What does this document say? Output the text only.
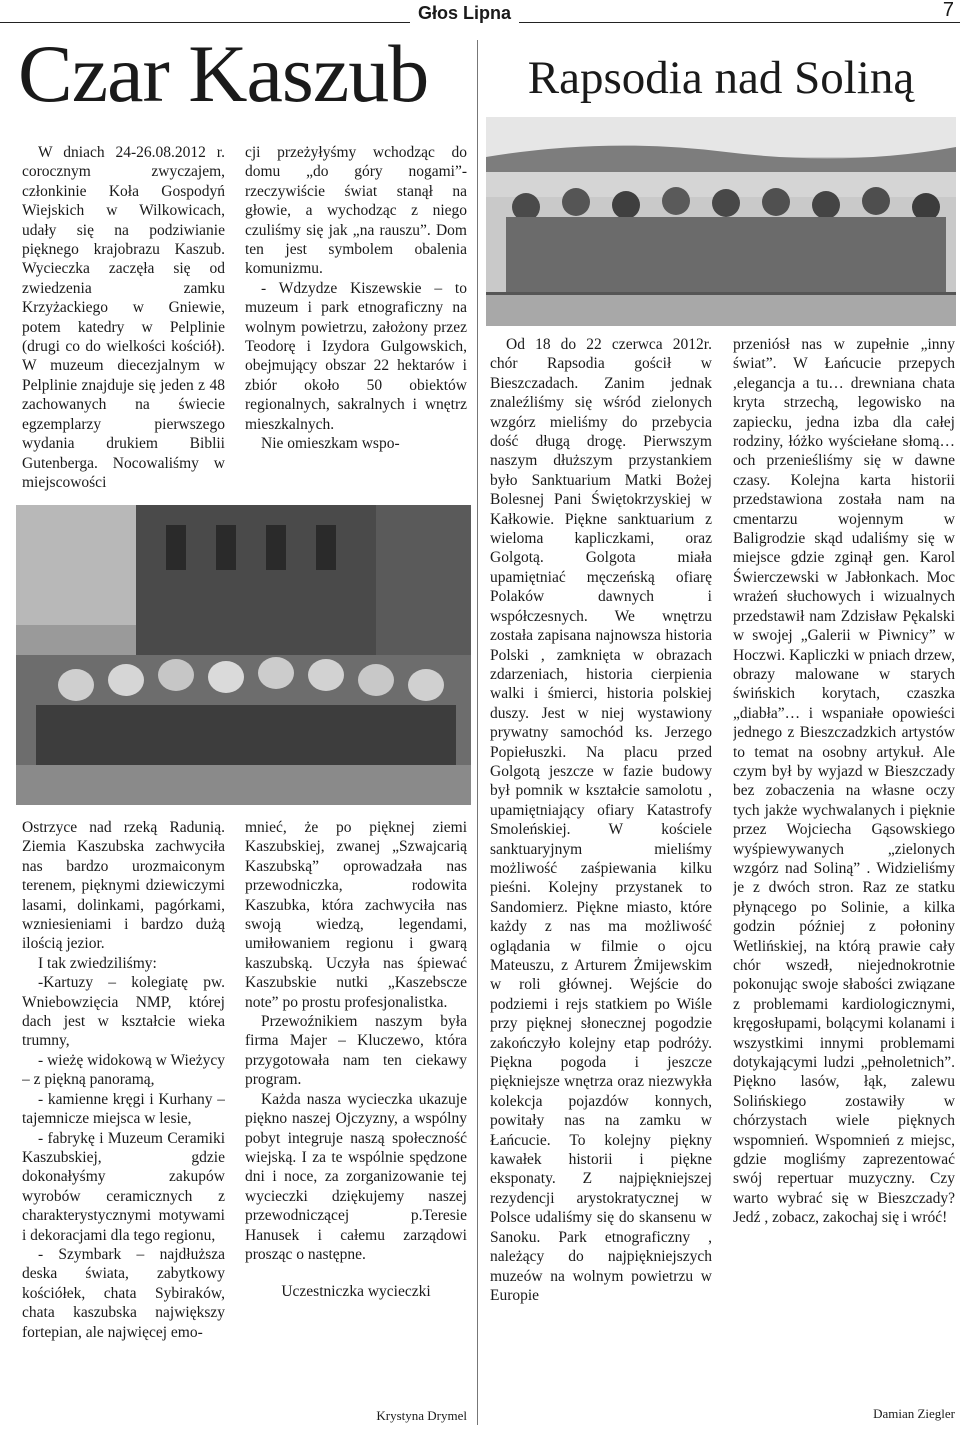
Głos Lipna	7
Czar Kaszub

W dniach 24-26.08.2012 r. corocznym zwyczajem, członkinie Koła Gospodyń Wiejskich w Wilkowicach, udały się na podziwianie pięknego krajobrazu Kaszub. Wycieczka zaczęła się od zwiedzenia zamku Krzyżackiego w Gniewie, potem katedry w Pelplinie (drugi co do wielkości kościół). W muzeum diecezjalnym w Pelplinie znajduje się jeden z 48 zachowanych na świecie egzemplarzy pierwszego wydania drukiem Biblii Gutenberga. Nocowaliśmy w miejscowości

cji przeżyłyśmy wchodząc do domu „do góry nogami”- rzeczywiście świat stanął na głowie, a wychodząc z niego czuliśmy się jak „na rauszu”. Dom ten jest symbolem obalenia komunizmu.

- Wdzydze Kiszewskie – to muzeum i park etnograficzny na wolnym powietrzu, założony przez Teodorę i Izydora Gulgowskich, obejmujący obszar 22 hektarów i zbiór około 50 obiektów regionalnych, sakralnych i wnętrz mieszkalnych.

Nie omieszkam wspo-

Ostrzyce nad rzeką Radunią. Ziemia Kaszubska zachwyciła nas bardzo urozmaiconym terenem, pięknymi dziewiczymi lasami, dolinkami, pagórkami, wzniesieniami i bardzo dużą ilością jezior.

I tak zwiedziliśmy:

-Kartuzy – kolegiatę pw. Wniebowzięcia NMP, której dach jest w kształcie wieka trumny,

- wieżę widokową w Wieżycy – z piękną panoramą,

- kamienne kręgi i Kurhany – tajemnicze miejsca w lesie,

- fabrykę i Muzeum Ceramiki Kaszubskiej, gdzie dokonałyśmy zakupów wyrobów ceramicznych z charakterystycznymi motywami i dekoracjami dla tego regionu,

- Szymbark – najdłuższa deska świata, zabytkowy kościółek, chata Sybiraków, chata kaszubska największy fortepian, ale najwięcej emo-

mnieć, że po pięknej ziemi Kaszubskiej, zwanej „Szwajcarią Kaszubską” oprowadzała nas przewodniczka, rodowita Kaszubka, która zachwyciła nas swoją wiedzą, legendami, umiłowaniem regionu i gwarą kaszubską. Uczyła nas śpiewać Kaszubskie nutki „Kaszebscze note” po prostu profesjonalistka.

Przewoźnikiem naszym była firma Majer – Kluczewo, która przygotowała nam ten ciekawy program.

Każda nasza wycieczka ukazuje piękno naszej Ojczyzny, a wspólny pobyt integruje naszą społeczność wiejską. I za te wspólnie spędzone dni i noce, za zorganizowanie tej wycieczki dziękujemy naszej przewodniczącej p.Teresie Hanusek i całemu zarządowi prosząc o następne.

Uczestniczka wycieczki

Krystyna Drymel
Rapsodia nad Soliną

Od 18 do 22 czerwca 2012r. chór Rapsodia gościł w Bieszczadach. Zanim jednak znaleźliśmy się wśród zielonych wzgórz mieliśmy do przebycia dość długą drogę. Pierwszym naszym dłuższym przystankiem było Sanktuarium Matki Bożej Bolesnej Pani Świętokrzyskiej w Kałkowie. Piękne sanktuarium z wieloma kapliczkami, oraz Golgotą. Golgota miała upamiętniać męczeńską ofiarę Polaków dawnych i współczesnych. We wnętrzu została zapisana najnowsza historia Polski , zamknięta w obrazach zdarzeniach, historia cierpienia walki i śmierci, historia polskiej duszy. Jest w niej wystawiony prywatny samochód ks. Jerzego Popiełuszki. Na placu przed Golgotą jeszcze w fazie budowy był pomnik w kształcie samolotu , upamiętniający ofiary Katastrofy Smoleńskiej. W kościele sanktuaryjnym mieliśmy możliwość zaśpiewania kilku pieśni. Kolejny przystanek to Sandomierz. Piękne miasto, które każdy z nas ma możliwość oglądania w filmie o ojcu Mateuszu, z Arturem Żmijewskim w roli głównej. Wejście do podziemi i rejs statkiem po Wiśle przy pięknej słonecznej pogodzie zakończyło kolejny etap podróży. Piękna pogoda i jeszcze piękniejsze wnętrza oraz niezwykła kolekcja pojazdów konnych, powitały nas na zamku w Łańcucie. To kolejny piękny kawałek historii i piękne eksponaty. Z najpiękniejszej rezydencji arystokratycznej w Polsce udaliśmy się do skansenu w Sanoku. Park etnograficzny , należący do najpiękniejszych muzeów na wolnym powietrzu w Europie

przeniósł nas w zupełnie „inny świat”. W Łańcucie przepych ,elegancja a tu… drewniana chata kryta strzechą, legowisko na zapiecku, jedna izba dla całej rodziny, łóżko wyściełane słomą… och przenieśliśmy się w dawne czasy. Kolejna karta historii przedstawiona została nam na cmentarzu wojennym w Baligrodzie skąd udaliśmy się w miejsce gdzie zginął gen. Karol Świerczewski w Jabłonkach. Moc wrażeń słuchowych i wizualnych przedstawił nam Zdzisław Pękalski w swojej „Galerii w Piwnicy” w Hoczwi. Kapliczki w pniach drzew, obrazy malowane w starych świńskich korytach, czaszka „diabła”… i wspaniałe opowieści jednego z Bieszczadzkich artystów to temat na osobny artykuł. Ale czym był by wyjazd w Bieszczady bez zobaczenia na własne oczy tych jakże wychwalanych i pięknie przez Wojciecha Gąsowskiego wyśpiewywanych „zielonych wzgórz nad Soliną” . Widzieliśmy je z dwóch stron. Raz ze statku płynącego po Solinie, a kilka godzin później z połoniny Wetlińskiej, na którą prawie cały chór wszedł, niejednokrotnie pokonując swoje słabości związane z problemami kardiologicznymi, kręgosłupami, bolącymi kolanami i wszystkimi innymi problemami dotykającymi ludzi „pełnoletnich”. Piękno lasów, łąk, zalewu Solińskiego zostawiły w chórzystach wiele pięknych wspomnień. Wspomnień z miejsc, gdzie mogliśmy zaprezentować swój repertuar muzyczny. Czy warto wybrać się w Bieszczady? Jedź , zobacz, zakochaj się i wróć!

Damian Ziegler
